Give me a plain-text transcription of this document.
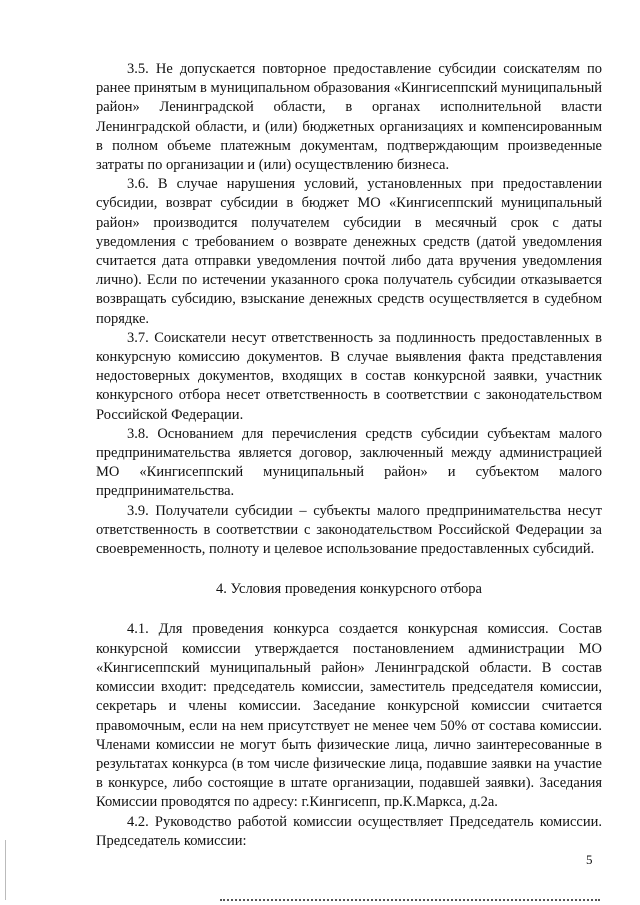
3.5. Не допускается повторное предоставление субсидии соискателям по ранее принятым в муниципальном образования «Кингисеппский муниципальный район» Ленинградской области, в органах исполнительной власти Ленинградской области, и (или) бюджетных организациях и компенсированным в полном объеме платежным документам, подтверждающим произведенные затраты по организации и (или) осуществлению бизнеса.

3.6. В случае нарушения условий, установленных при предоставлении субсидии, возврат субсидии в бюджет МО «Кингисеппский муниципальный район» производится получателем субсидии в месячный срок с даты уведомления с требованием о возврате денежных средств (датой уведомления считается дата отправки уведомления почтой либо дата вручения уведомления лично). Если по истечении указанного срока получатель субсидии отказывается возвращать субсидию, взыскание денежных средств осуществляется в судебном порядке.

3.7. Соискатели несут ответственность за подлинность предоставленных в конкурсную комиссию документов. В случае выявления факта представления недостоверных документов, входящих в состав конкурсной заявки, участник конкурсного отбора несет ответственность в соответствии с законодательством Российской Федерации.

3.8. Основанием для перечисления средств субсидии субъектам малого предпринимательства является договор, заключенный между администрацией МО «Кингисеппский муниципальный район» и субъектом малого предпринимательства.

3.9. Получатели субсидии – субъекты малого предпринимательства несут ответственность в соответствии с законодательством Российской Федерации за своевременность, полноту и целевое использование предоставленных субсидий.

4. Условия проведения конкурсного отбора

4.1. Для проведения конкурса создается конкурсная комиссия. Состав конкурсной комиссии утверждается постановлением администрации МО «Кингисеппский муниципальный район» Ленинградской области. В состав комиссии входит: председатель комиссии, заместитель председателя комиссии, секретарь и члены комиссии. Заседание конкурсной комиссии считается правомочным, если на нем присутствует не менее чем 50% от состава комиссии. Членами комиссии не могут быть физические лица, лично заинтересованные в результатах конкурса (в том числе физические лица, подавшие заявки на участие в конкурсе, либо состоящие в штате организации, подавшей заявки). Заседания Комиссии проводятся по адресу: г.Кингисепп, пр.К.Маркса, д.2а.

4.2. Руководство работой комиссии осуществляет Председатель комиссии. Председатель комиссии:

5
